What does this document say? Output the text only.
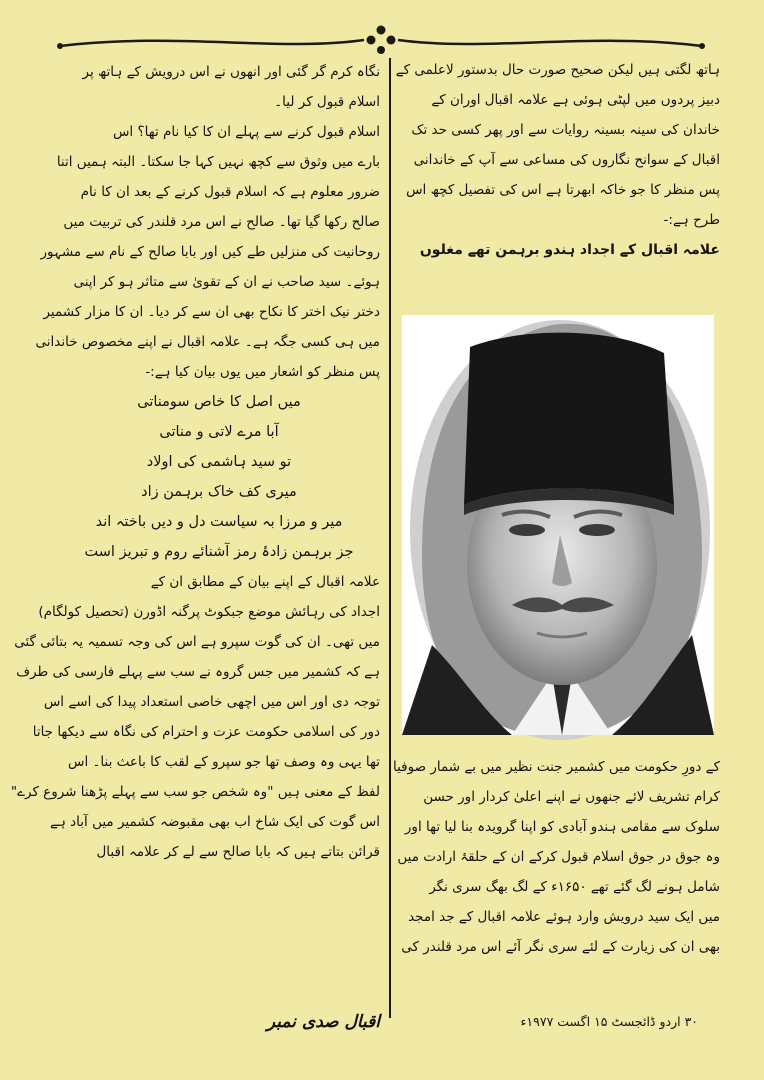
ہاتھ لگتی ہیں لیکن صحیح صورت حال بدستور لاعلمی کے
دبیز پردوں میں لپٹی ہوئی ہے علامہ اقبال اوران کے
خاندان کی سینہ بسینہ روایات سے اور پھر کسی حد تک
اقبال کے سوانح نگاروں کی مساعی سے آپ کے خاندانی
پس منظر کا جو خاکہ ابھرتا ہے اس کی تفصیل کچھ اس
طرح ہے:-
علامہ اقبال کے اجداد ہندو برہمن تھے مغلوں
کے دورِ حکومت میں کشمیر جنت نظیر میں بے شمار صوفیا
کرام تشریف لائے جنھوں نے اپنے اعلیٰ کردار اور حسن
سلوک سے مقامی ہندو آبادی کو اپنا گرویدہ بنا لیا تھا اور
وہ جوق در جوق اسلام قبول کرکے ان کے حلقۂ ارادت میں
شامل ہونے لگ گئے تھے ۱۶۵۰ء کے لگ بھگ سری نگر
میں ایک سید درویش وارد ہوئے علامہ اقبال کے جد امجد
بھی ان کی زیارت کے لئے سری نگر آئے اس مرد قلندر کی
نگاہ کرم گر گئی اور انھوں نے اس درویش کے ہاتھ پر
اسلام قبول کر لیا۔
اسلام قبول کرنے سے پہلے ان کا کیا نام تھا؟ اس
بارے میں وثوق سے کچھ نہیں کہا جا سکتا۔ البتہ ہمیں اتنا
ضرور معلوم ہے کہ اسلام قبول کرنے کے بعد ان کا نام
صالح رکھا گیا تھا۔ صالح نے اس مرد قلندر کی تربیت میں
روحانیت کی منزلیں طے کیں اور بابا صالح کے نام سے مشہور
ہوئے۔ سید صاحب نے ان کے تقویٰ سے متاثر ہو کر اپنی
دختر نیک اختر کا نکاح بھی ان سے کر دیا۔ ان کا مزار کشمیر
میں ہی کسی جگہ ہے۔ علامہ اقبال نے اپنے مخصوص خاندانی
پس منظر کو اشعار میں یوں بیان کیا ہے:-
میں اصل کا خاص سومناتی
آبا مرے لاتی و مناتی
تو سید ہاشمی کی اولاد
میری کف خاک برہمن زاد
میر و مرزا بہ سیاست دل و دیں باختہ اند
جز برہمن زادۂ رمز آشنائے روم و تبریز است
علامہ اقبال کے اپنے بیان کے مطابق ان کے
اجداد کی رہائش موضع جبکوٹ پرگنہ اڈورن (تحصیل کولگام)
میں تھی۔ ان کی گوت سپرو ہے اس کی وجہ تسمیہ یہ بتائی گئی
ہے کہ کشمیر میں جس گروہ نے سب سے پہلے فارسی کی طرف
توجہ دی اور اس میں اچھی خاصی استعداد پیدا کی اسے اس
دور کی اسلامی حکومت عزت و احترام کی نگاہ سے دیکھا جاتا
تھا یہی وہ وصف تھا جو سپرو کے لقب کا باعث بنا۔ اس
لفظ کے معنی ہیں "وہ شخص جو سب سے پہلے پڑھنا شروع کرے"
اس گوت کی ایک شاخ اب بھی مقبوضہ کشمیر میں آباد ہے
قرائن بتاتے ہیں کہ بابا صالح سے لے کر علامہ اقبال
اقبال صدی نمبر	۳۰ اردو ڈائجسٹ ۱۵ اگست ۱۹۷۷ء
